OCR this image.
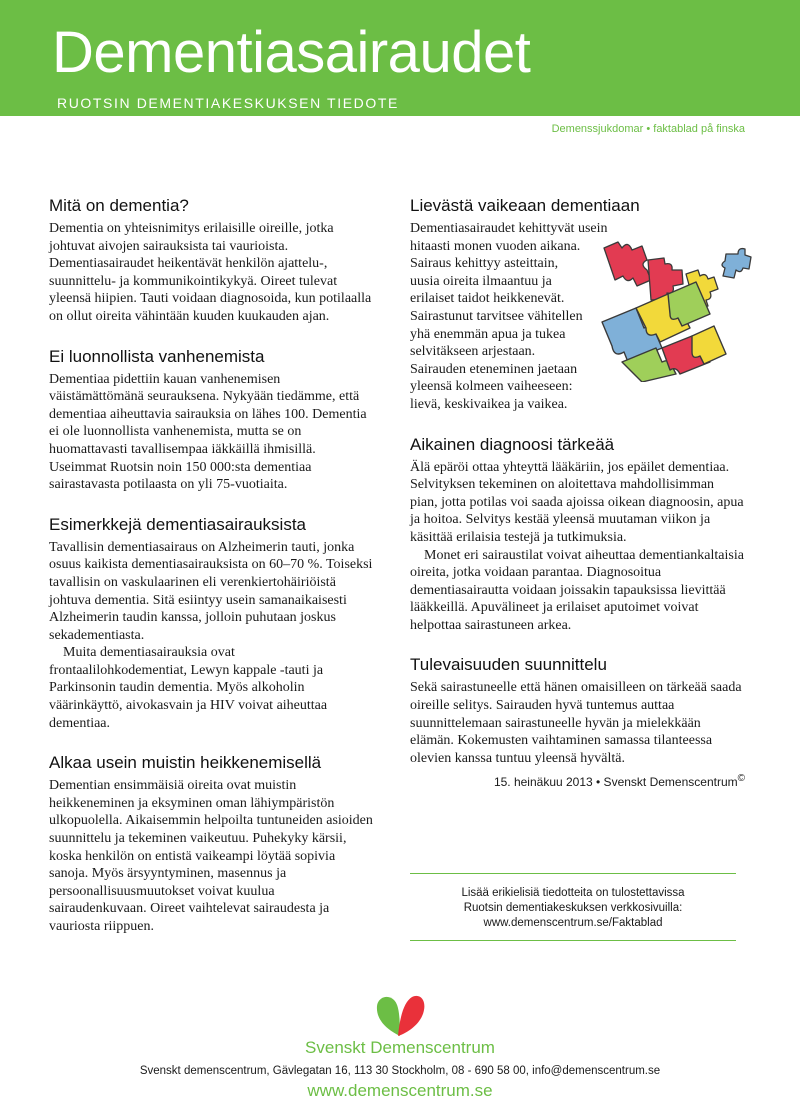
Dementiasairaudet
RUOTSIN DEMENTIAKESKUKSEN TIEDOTE
Demenssjukdomar • faktablad på finska
Mitä on dementia?

Dementia on yhteisnimitys erilaisille oireille, jotka johtuvat aivojen sairauksista tai vaurioista. Dementiasairaudet heikentävät henkilön ajattelu-, suunnittelu- ja kommunikointikykyä. Oireet tulevat yleensä hiipien. Tauti voidaan diagnosoida, kun potilaalla on ollut oireita vähintään kuuden kuukauden ajan.

Ei luonnollista vanhenemista

Dementiaa pidettiin kauan vanhenemisen väistämättömänä seurauksena. Nykyään tiedämme, että dementiaa aiheuttavia sairauksia on lähes 100. Dementia ei ole luonnollista vanhenemista, mutta se on huomattavasti tavallisempaa iäkkäillä ihmisillä. Useimmat Ruotsin noin 150 000:sta dementiaa sairastavasta potilaasta on yli 75-vuotiaita.

Esimerkkejä dementiasairauksista

Tavallisin dementiasairaus on Alzheimerin tauti, jonka osuus kaikista dementiasairauksista on 60–70 %. Toiseksi tavallisin on vaskulaarinen eli verenkiertohäiriöistä johtuva dementia. Sitä esiintyy usein samanaikaisesti Alzheimerin taudin kanssa, jolloin puhutaan joskus sekadementiasta.

Muita dementiasairauksia ovat frontaalilohkodementiat, Lewyn kappale -tauti ja Parkinsonin taudin dementia. Myös alkoholin väärinkäyttö, aivokasvain ja HIV voivat aiheuttaa dementiaa.

Alkaa usein muistin heikkenemisellä

Dementian ensimmäisiä oireita ovat muistin heikkeneminen ja eksyminen oman lähiympäristön ulkopuolella. Aikaisemmin helpoilta tuntuneiden asioiden suunnittelu ja tekeminen vaikeutuu. Puhekyky kärsii, koska henkilön on entistä vaikeampi löytää sopivia sanoja. Myös ärsyyntyminen, masennus ja persoonallisuusmuutokset voivat kuulua sairaudenkuvaan. Oireet vaihtelevat sairaudesta ja vauriosta riippuen.

Lievästä vaikeaan dementiaan

Dementiasairaudet kehittyvät usein hitaasti monen vuoden aikana. Sairaus kehittyy asteittain, uusia oireita ilmaantuu ja erilaiset taidot heikkenevät. Sairastunut tarvitsee vähitellen yhä enemmän apua ja tukea selvitäkseen arjestaan. Sairauden eteneminen jaetaan yleensä kolmeen vaiheeseen: lievä, keskivaikea ja vaikea.

Aikainen diagnoosi tärkeää

Älä epäröi ottaa yhteyttä lääkäriin, jos epäilet dementiaa. Selvityksen tekeminen on aloitettava mahdollisimman pian, jotta potilas voi saada ajoissa oikean diagnoosin, apua ja hoitoa. Selvitys kestää yleensä muutaman viikon ja käsittää erilaisia testejä ja tutkimuksia.

Monet eri sairaustilat voivat aiheuttaa dementiankaltaisia oireita, jotka voidaan parantaa. Diagnosoitua dementiasairautta voidaan joissakin tapauksissa lievittää lääkkeillä. Apuvälineet ja erilaiset aputoimet voivat helpottaa sairastuneen arkea.

Tulevaisuuden suunnittelu

Sekä sairastuneelle että hänen omaisilleen on tärkeää saada oireille selitys. Sairauden hyvä tuntemus auttaa suunnittelemaan sairastuneelle hyvän ja mielekkään elämän. Kokemusten vaihtaminen samassa tilanteessa olevien kanssa tuntuu yleensä hyvältä.

15. heinäkuu 2013 • Svenskt Demenscentrum©
Lisää erikielisiä tiedotteita on tulostettavissa
Ruotsin dementiakeskuksen verkkosivuilla:
www.demenscentrum.se/Faktablad
Svenskt Demenscentrum
Svenskt demenscentrum, Gävlegatan 16, 113 30 Stockholm, 08 - 690 58 00, info@demenscentrum.se
www.demenscentrum.se
